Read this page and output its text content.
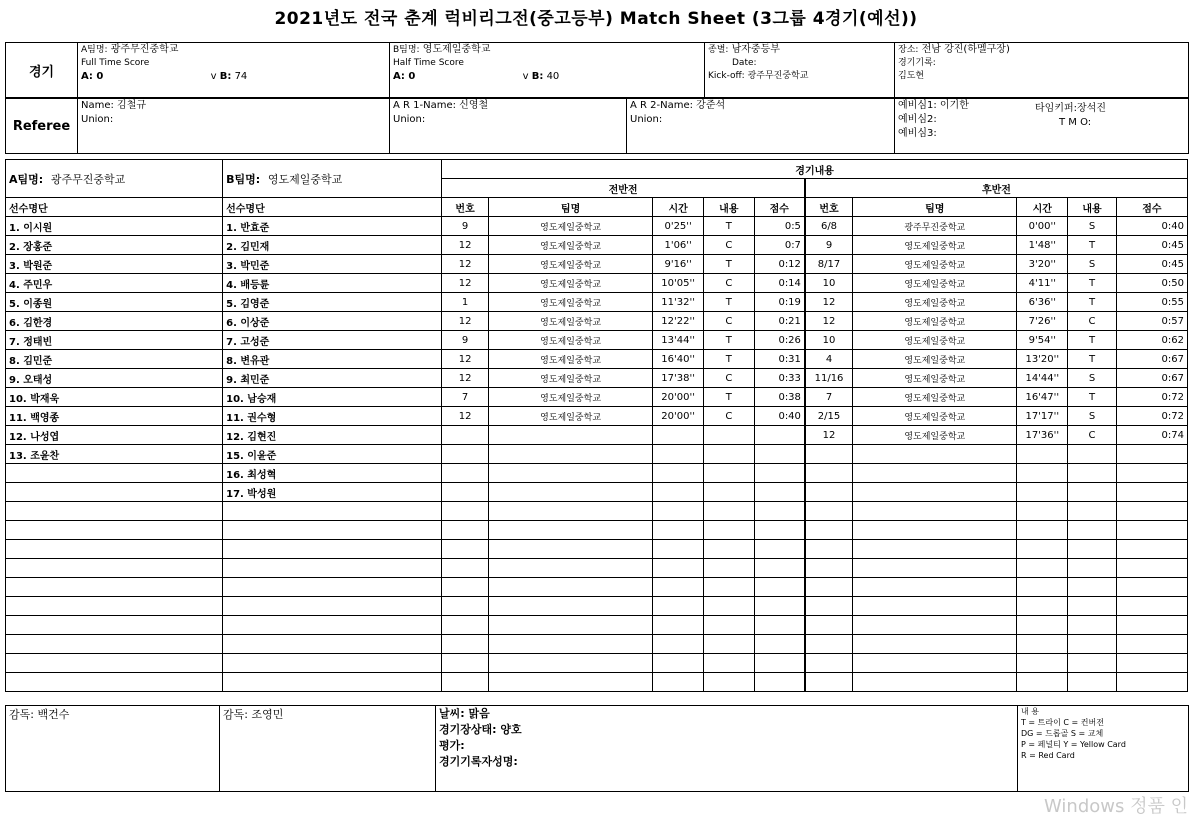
2021년도 전국 춘계 럭비리그전(중고등부) Match Sheet (3그룹 4경기(예선))
경기	
A팀명: 광주무진중학교
Full Time Score
A: 0	v B: 74

B팀명: 영도제일중학교
Half Time Score
A: 0	v B: 40

종별: 남자중등부
Date:
Kick-off: 광주무진중학교

장소: 전남 강진(하멜구장)
경기기록:
김도현
Referee	
Name: 김철규
Union:

A R 1-Name: 신영철
Union:

A R 2-Name: 강준석
Union:

예비심1: 이기한
예비심2:
예비심3:
타임키퍼:장석진
T M O:
A팀명: 광주무진중학교	B팀명: 영도제일중학교	경기내용									
		전반전					후반전				
선수명단	선수명단	번호	팀명	시간	내용	점수	번호	팀명	시간	내용	점수
1. 이시원	1. 반효준	9	영도제일중학교	0'25''	T	0:5	6/8	광주무진중학교	0'00''	S	0:40
2. 장홍준	2. 김민재	12	영도제일중학교	1'06''	C	0:7	9	영도제일중학교	1'48''	T	0:45
3. 박원준	3. 박민준	12	영도제일중학교	9'16''	T	0:12	8/17	영도제일중학교	3'20''	S	0:45
4. 주민우	4. 배등륜	12	영도제일중학교	10'05''	C	0:14	10	영도제일중학교	4'11''	T	0:50
5. 이종원	5. 김영준	1	영도제일중학교	11'32''	T	0:19	12	영도제일중학교	6'36''	T	0:55
6. 김한경	6. 이상준	12	영도제일중학교	12'22''	C	0:21	12	영도제일중학교	7'26''	C	0:57
7. 정태빈	7. 고성준	9	영도제일중학교	13'44''	T	0:26	10	영도제일중학교	9'54''	T	0:62
8. 김민준	8. 변유관	12	영도제일중학교	16'40''	T	0:31	4	영도제일중학교	13'20''	T	0:67
9. 오태성	9. 최민준	12	영도제일중학교	17'38''	C	0:33	11/16	영도제일중학교	14'44''	S	0:67
10. 박재욱	10. 남승재	7	영도제일중학교	20'00''	T	0:38	7	영도제일중학교	16'47''	T	0:72
11. 백영종	11. 권수형	12	영도제일중학교	20'00''	C	0:40	2/15	영도제일중학교	17'17''	S	0:72
12. 나성엽	12. 김현진						12	영도제일중학교	17'36''	C	0:74
13. 조윤찬	15. 이윤준										
	16. 최성혁										
	17. 박성원										

감독: 백건수	감독: 조영민	날씨: 맑음
경기장상태: 양호
평가:
경기기록자성명:

내 용
T = 트라이 C = 컨버젼
DG = 드롭골 S = 교체
P = 페널티 Y = Yellow Card
R = Red Card
Windows 정품 인
